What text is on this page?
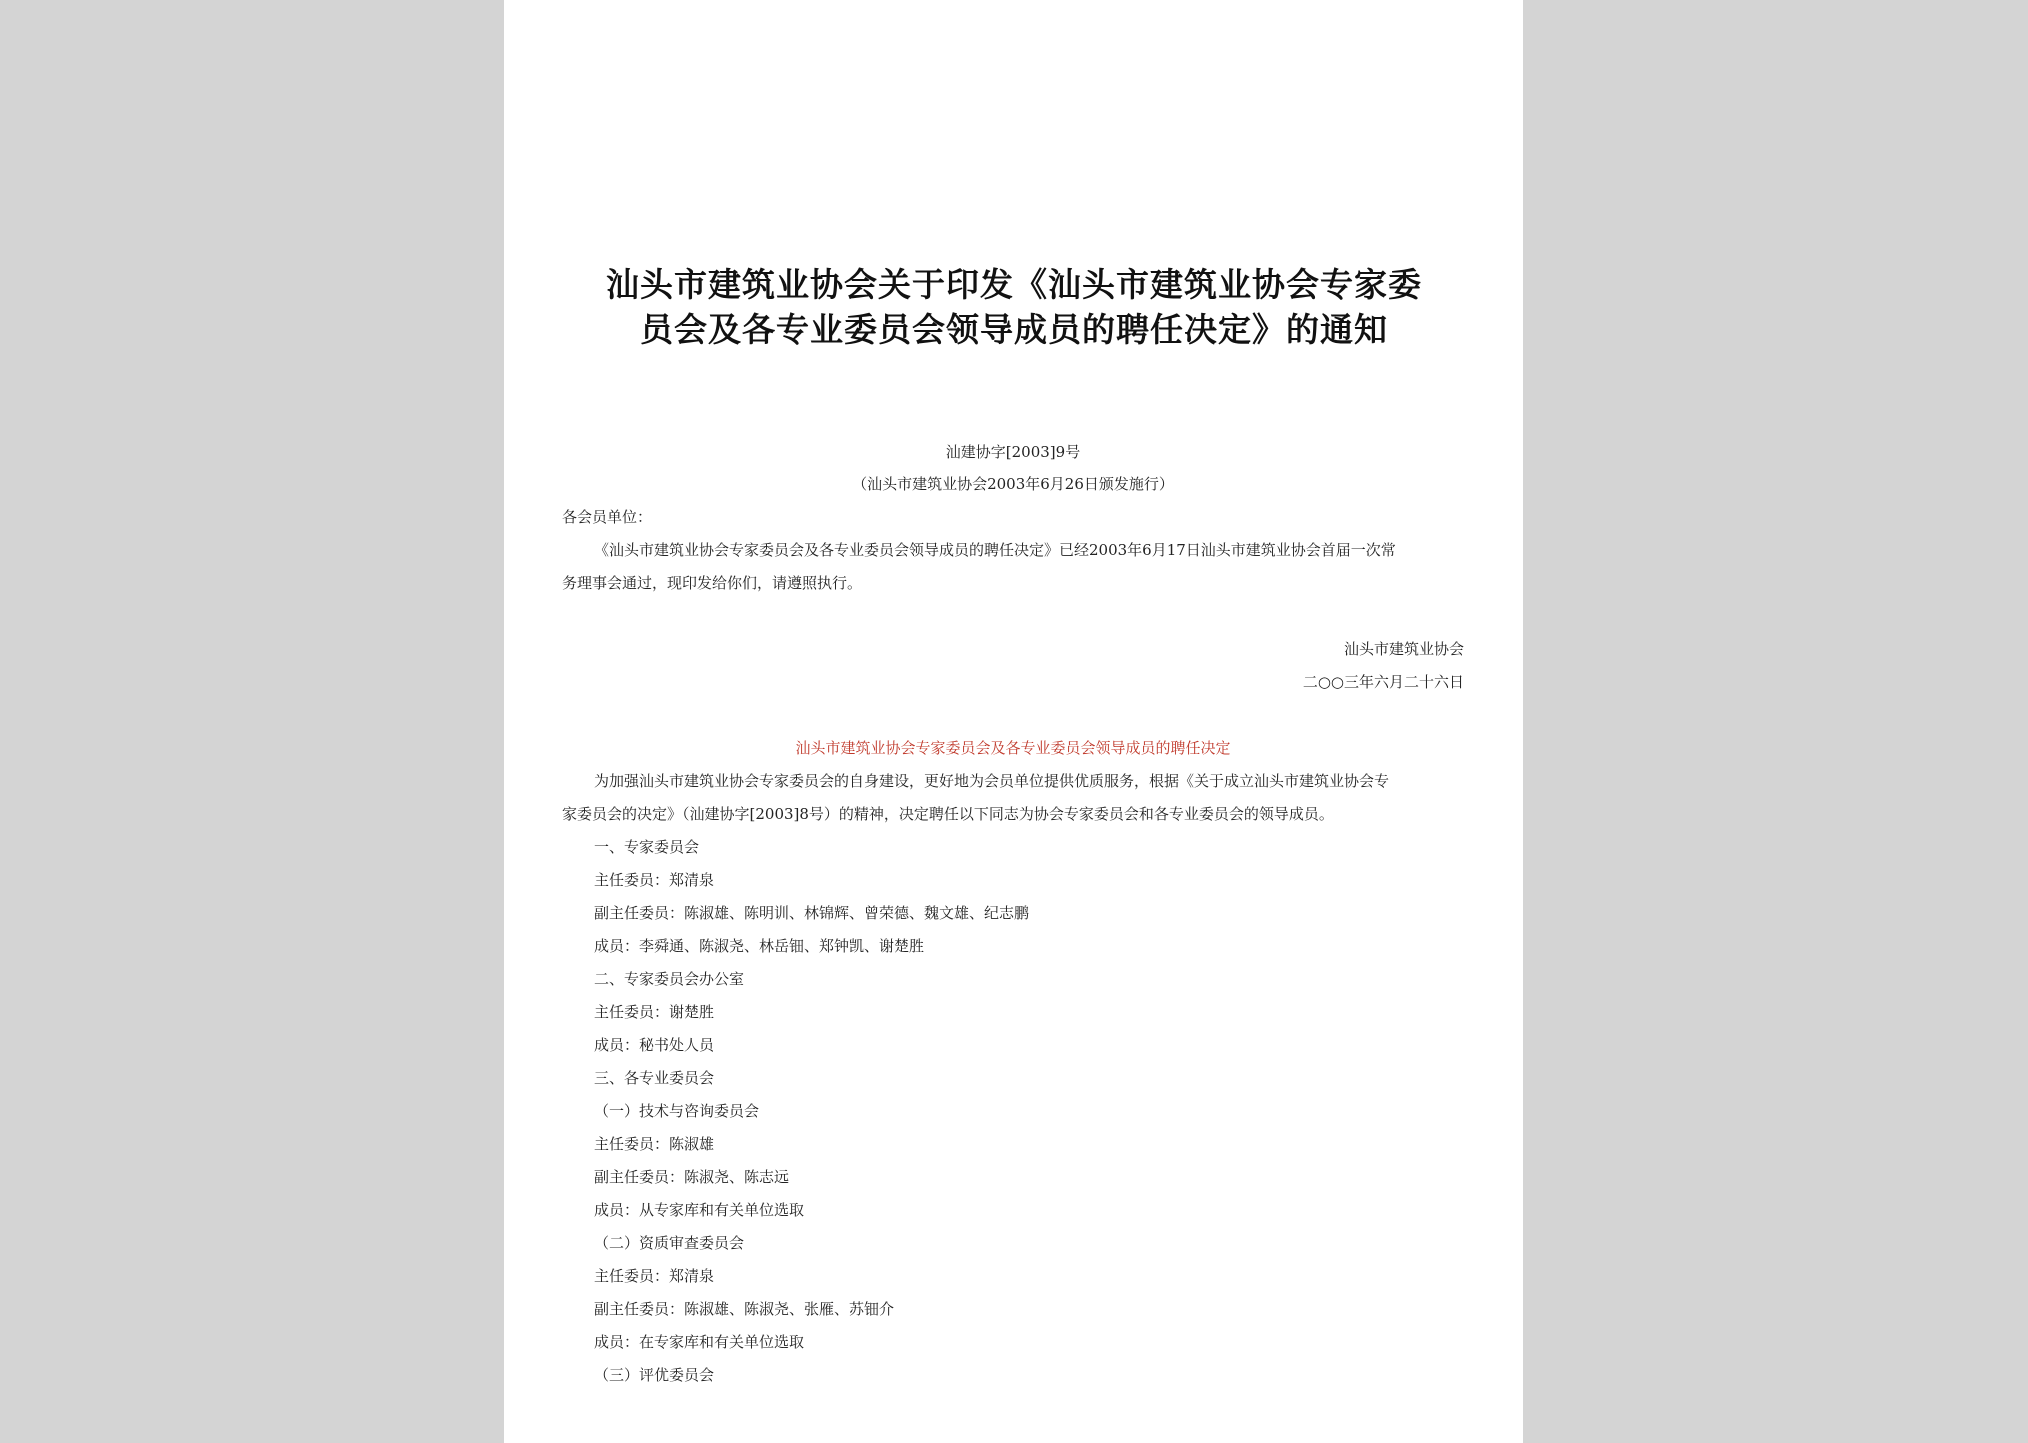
汕头市建筑业协会关于印发《汕头市建筑业协会专家委
员会及各专业委员会领导成员的聘任决定》的通知
汕建协字[2003]9号
（汕头市建筑业协会2003年6月26日颁发施行）
各会员单位：
《汕头市建筑业协会专家委员会及各专业委员会领导成员的聘任决定》已经2003年6月17日汕头市建筑业协会首届一次常
务理事会通过，现印发给你们，请遵照执行。
汕头市建筑业协会
二○○三年六月二十六日
汕头市建筑业协会专家委员会及各专业委员会领导成员的聘任决定
为加强汕头市建筑业协会专家委员会的自身建设，更好地为会员单位提供优质服务，根据《关于成立汕头市建筑业协会专
家委员会的决定》（汕建协字[2003]8号）的精神，决定聘任以下同志为协会专家委员会和各专业委员会的领导成员。
一、专家委员会
主任委员：郑清泉
副主任委员：陈淑雄、陈明训、林锦辉、曾荣德、魏文雄、纪志鹏
成员：李舜通、陈淑尧、林岳钿、郑钟凯、谢楚胜
二、专家委员会办公室
主任委员：谢楚胜
成员：秘书处人员
三、各专业委员会
（一）技术与咨询委员会
主任委员：陈淑雄
副主任委员：陈淑尧、陈志远
成员：从专家库和有关单位选取
（二）资质审查委员会
主任委员：郑清泉
副主任委员：陈淑雄、陈淑尧、张雁、苏钿介
成员：在专家库和有关单位选取
（三）评优委员会
